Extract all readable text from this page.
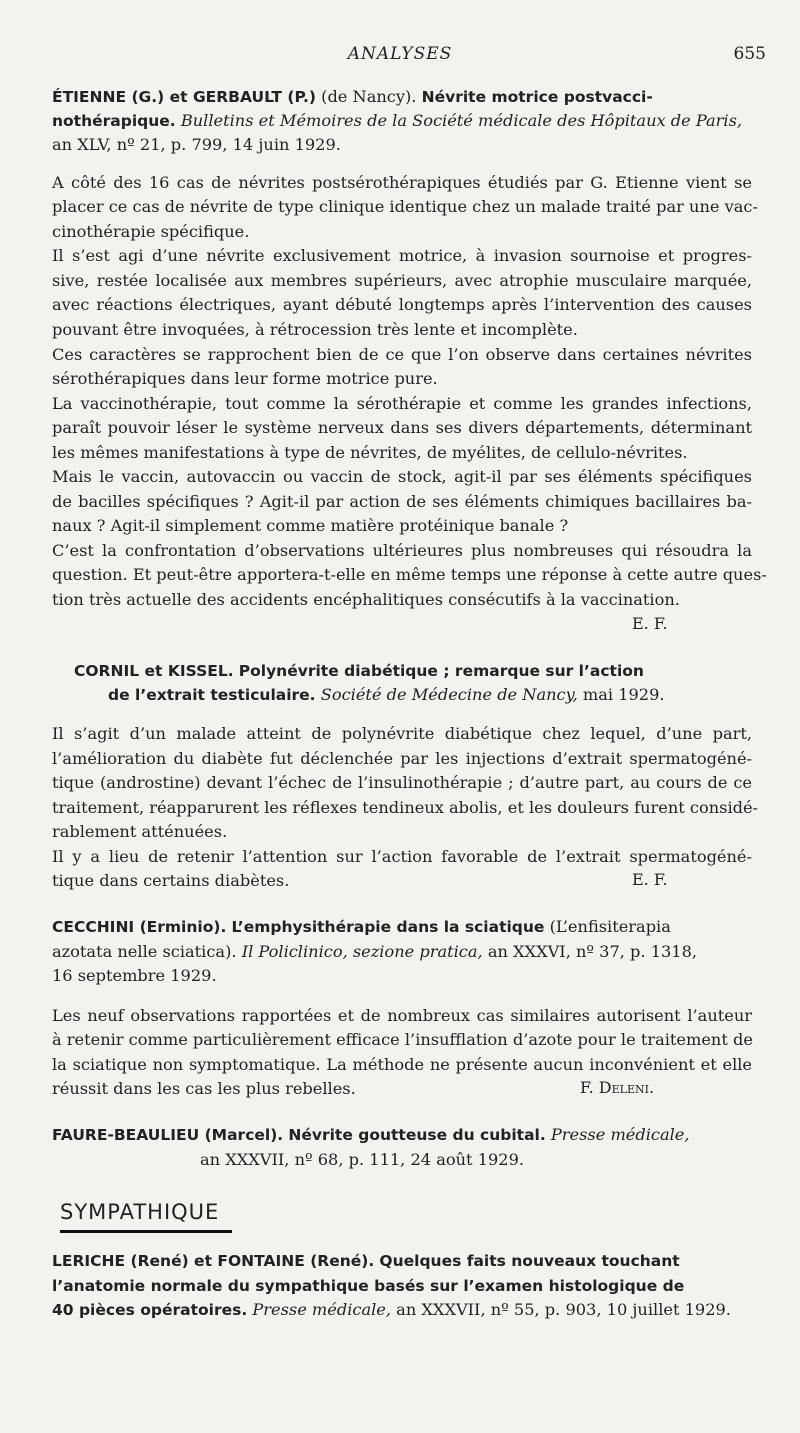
ANALYSES	655
ÉTIENNE (G.) et GERBAULT (P.) (de Nancy). Névrite motrice postvacci-
nothérapique. Bulletins et Mémoires de la Société médicale des Hôpitaux de Paris,
an XLV, nº 21, p. 799, 14 juin 1929.
A côté des 16 cas de névrites postsérothérapiques étudiés par G. Etienne vient se
placer ce cas de névrite de type clinique identique chez un malade traité par une vac-
cinothérapie spécifique.
Il s’est agi d’une névrite exclusivement motrice, à invasion sournoise et progres-
sive, restée localisée aux membres supérieurs, avec atrophie musculaire marquée,
avec réactions électriques, ayant débuté longtemps après l’intervention des causes
pouvant être invoquées, à rétrocession très lente et incomplète.
Ces caractères se rapprochent bien de ce que l’on observe dans certaines névrites
sérothérapiques dans leur forme motrice pure.
La vaccinothérapie, tout comme la sérothérapie et comme les grandes infections,
paraît pouvoir léser le système nerveux dans ses divers départements, déterminant
les mêmes manifestations à type de névrites, de myélites, de cellulo-névrites.
Mais le vaccin, autovaccin ou vaccin de stock, agit-il par ses éléments spécifiques
de bacilles spécifiques ? Agit-il par action de ses éléments chimiques bacillaires ba-
naux ? Agit-il simplement comme matière protéinique banale ?
C’est la confrontation d’observations ultérieures plus nombreuses qui résoudra la
question. Et peut-être apportera-t-elle en même temps une réponse à cette autre ques-
tion très actuelle des accidents encéphalitiques consécutifs à la vaccination.
E. F.
CORNIL et KISSEL. Polynévrite diabétique ; remarque sur l’action
de l’extrait testiculaire. Société de Médecine de Nancy, mai 1929.
Il s’agit d’un malade atteint de polynévrite diabétique chez lequel, d’une part,
l’amélioration du diabète fut déclenchée par les injections d’extrait spermatogéné-
tique (androstine) devant l’échec de l’insulinothérapie ; d’autre part, au cours de ce
traitement, réapparurent les réflexes tendineux abolis, et les douleurs furent considé-
rablement atténuées.
Il y a lieu de retenir l’attention sur l’action favorable de l’extrait spermatogéné-
tique dans certains diabètes.	E. F.
CECCHINI (Erminio). L’emphysithérapie dans la sciatique (L’enfisiterapia
azotata nelle sciatica). Il Policlinico, sezione pratica, an XXXVI, nº 37, p. 1318,
16 septembre 1929.
Les neuf observations rapportées et de nombreux cas similaires autorisent l’auteur
à retenir comme particulièrement efficace l’insufflation d’azote pour le traitement de
la sciatique non symptomatique. La méthode ne présente aucun inconvénient et elle
réussit dans les cas les plus rebelles.	F. Deleni.
FAURE-BEAULIEU (Marcel). Névrite goutteuse du cubital. Presse médicale,
an XXXVII, nº 68, p. 111, 24 août 1929.
SYMPATHIQUE
LERICHE (René) et FONTAINE (René). Quelques faits nouveaux touchant
l’anatomie normale du sympathique basés sur l’examen histologique de
40 pièces opératoires. Presse médicale, an XXXVII, nº 55, p. 903, 10 juillet 1929.
